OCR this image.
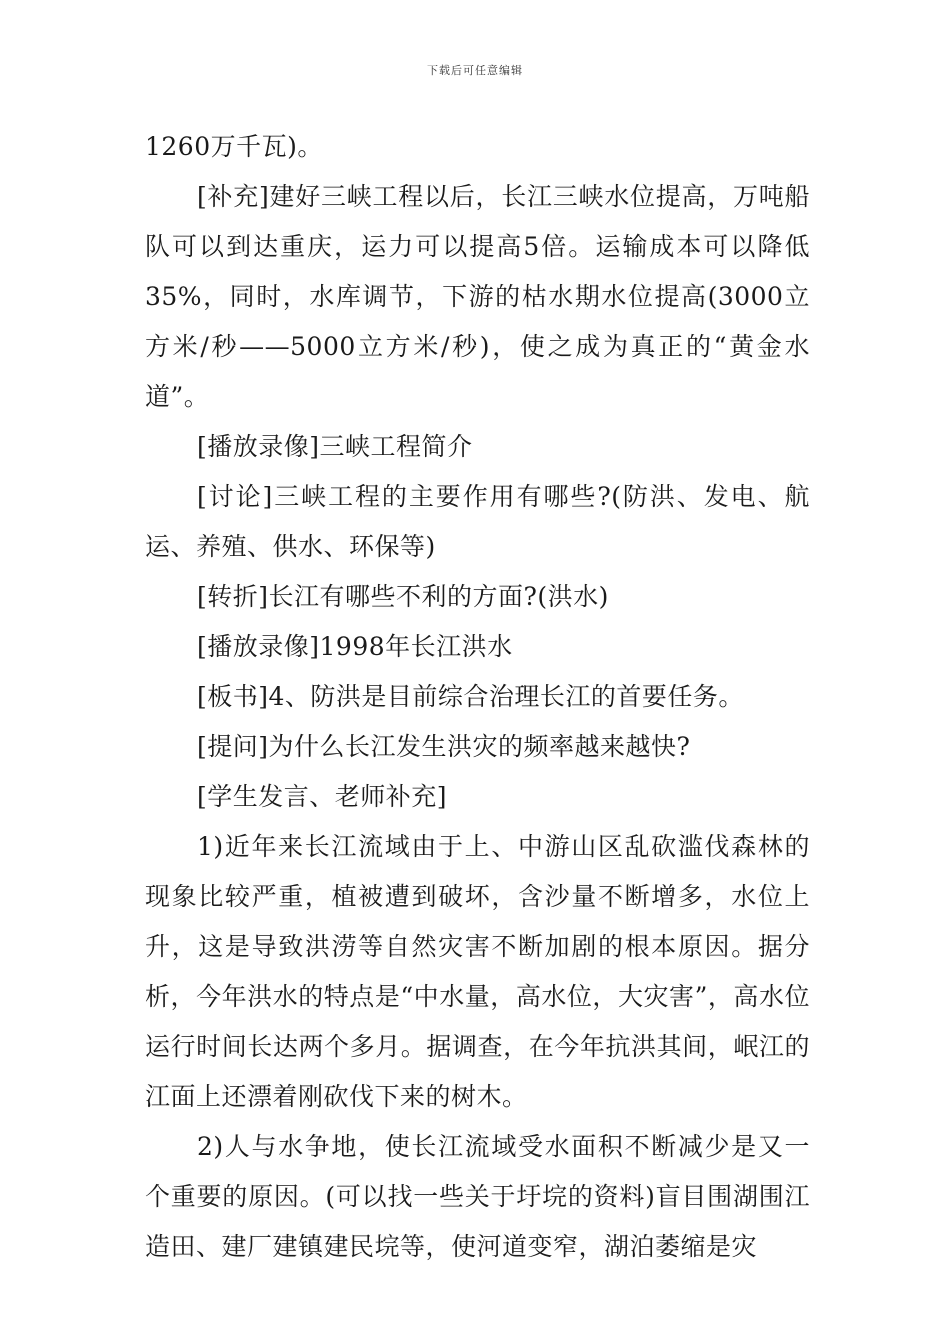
下载后可任意编辑

1260万千瓦)。

[补充]建好三峡工程以后，长江三峡水位提高，万吨船队可以到达重庆，运力可以提高5倍。运输成本可以降低35%，同时，水库调节，下游的枯水期水位提高(3000立方米/秒——5000立方米/秒)，使之成为真正的“黄金水道”。

[播放录像]三峡工程简介

[讨论]三峡工程的主要作用有哪些?(防洪、发电、航运、养殖、供水、环保等)

[转折]长江有哪些不利的方面?(洪水)

[播放录像]1998年长江洪水

[板书]4、防洪是目前综合治理长江的首要任务。

[提问]为什么长江发生洪灾的频率越来越快?

[学生发言、老师补充]

1)近年来长江流域由于上、中游山区乱砍滥伐森林的现象比较严重，植被遭到破坏，含沙量不断增多，水位上升，这是导致洪涝等自然灾害不断加剧的根本原因。据分析，今年洪水的特点是“中水量，高水位，大灾害”，高水位运行时间长达两个多月。据调查，在今年抗洪其间，岷江的江面上还漂着刚砍伐下来的树木。

2)人与水争地，使长江流域受水面积不断减少是又一个重要的原因。(可以找一些关于圩垸的资料)盲目围湖围江造田、建厂建镇建民垸等，使河道变窄，湖泊萎缩是灾
